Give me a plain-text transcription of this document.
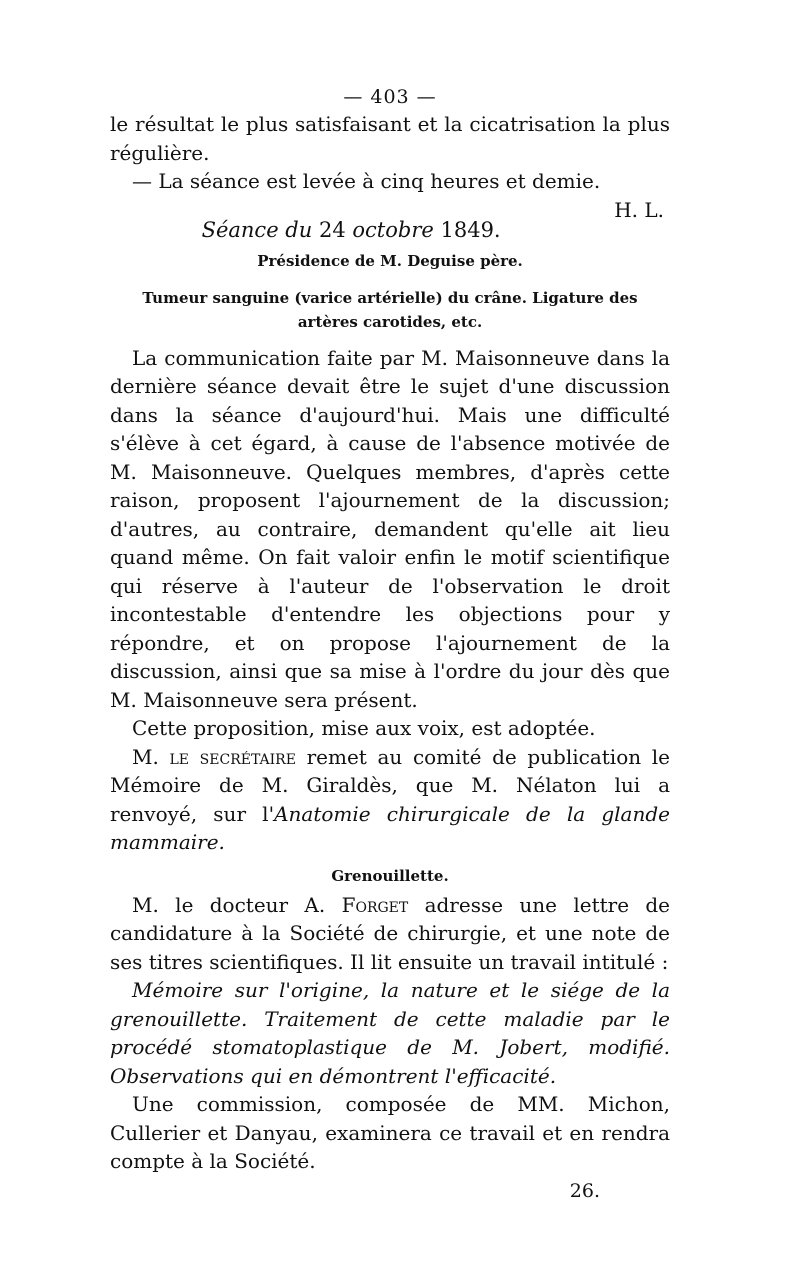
— 403 —

le résultat le plus satisfaisant et la cicatrisation la plus régulière.

— La séance est levée à cinq heures et demie.
H. L.

Séance du 24 octobre 1849.
Présidence de M. Deguise père.
Tumeur sanguine (varice artérielle) du crâne. Ligature des artères carotides, etc.

La communication faite par M. Maisonneuve dans la dernière séance devait être le sujet d'une discussion dans la séance d'aujourd'hui. Mais une difficulté s'élève à cet égard, à cause de l'absence motivée de M. Maisonneuve. Quelques membres, d'après cette raison, proposent l'ajournement de la discussion; d'autres, au contraire, demandent qu'elle ait lieu quand même. On fait valoir enfin le motif scientifique qui réserve à l'auteur de l'observation le droit incontestable d'entendre les objections pour y répondre, et on propose l'ajournement de la discussion, ainsi que sa mise à l'ordre du jour dès que M. Maisonneuve sera présent.

Cette proposition, mise aux voix, est adoptée.

M. le secrétaire remet au comité de publication le Mémoire de M. Giraldès, que M. Nélaton lui a renvoyé, sur l'Anatomie chirurgicale de la glande mammaire.

Grenouillette.

M. le docteur A. Forget adresse une lettre de candidature à la Société de chirurgie, et une note de ses titres scientifiques. Il lit ensuite un travail intitulé :

Mémoire sur l'origine, la nature et le siége de la grenouillette. Traitement de cette maladie par le procédé stomatoplastique de M. Jobert, modifié. Observations qui en démontrent l'efficacité.

Une commission, composée de MM. Michon, Cullerier et Danyau, examinera ce travail et en rendra compte à la Société.

26.
